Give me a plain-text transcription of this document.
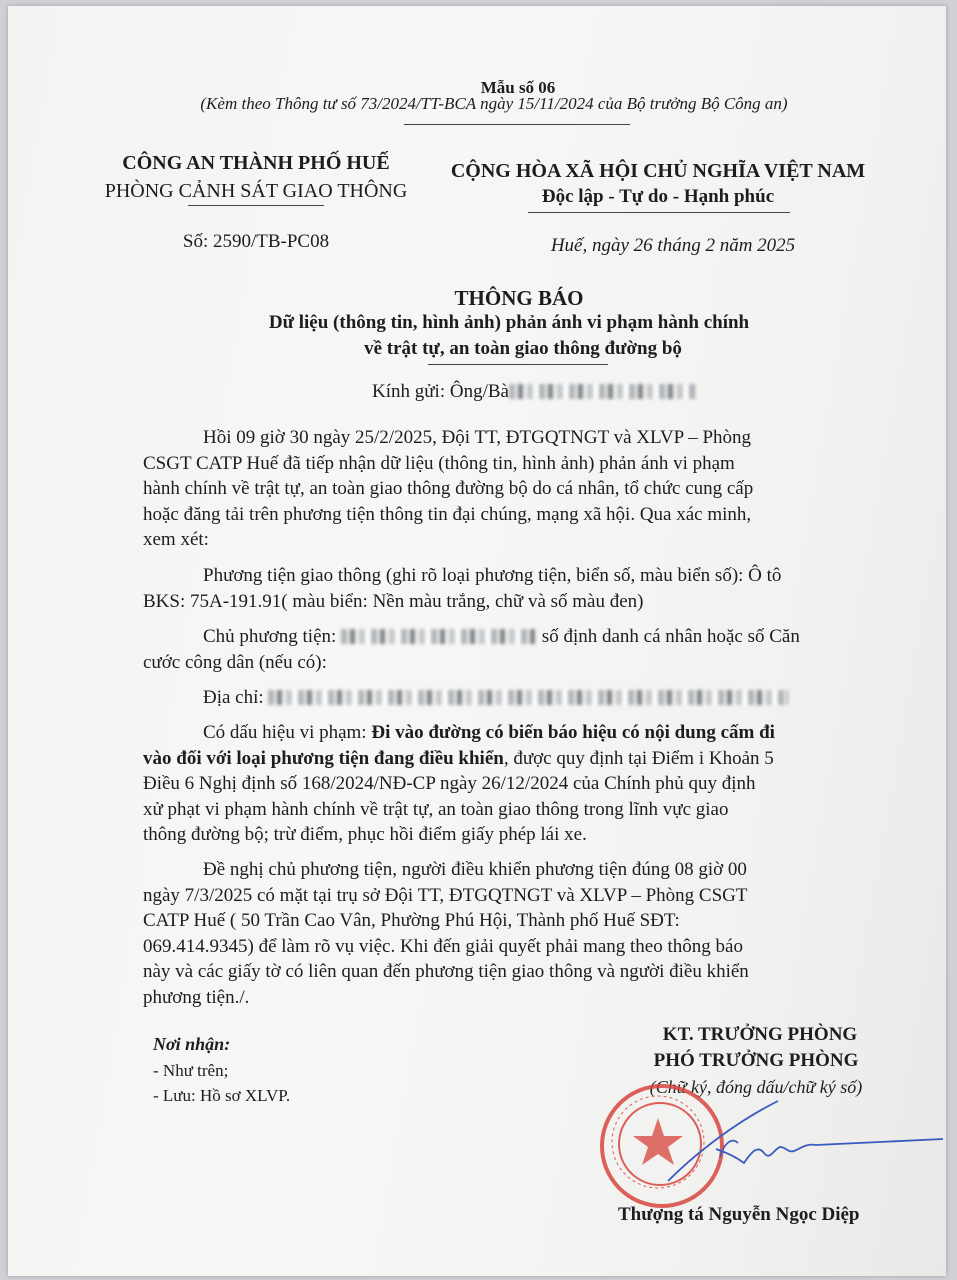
Mẫu số 06
(Kèm theo Thông tư số 73/2024/TT-BCA ngày 15/11/2024 của Bộ trưởng Bộ Công an)
CÔNG AN THÀNH PHỐ HUẾ
PHÒNG CẢNH SÁT GIAO THÔNG
Số: 2590/TB-PC08
CỘNG HÒA XÃ HỘI CHỦ NGHĨA VIỆT NAM
Độc lập - Tự do - Hạnh phúc
Huế, ngày 26 tháng 2 năm 2025
THÔNG BÁO
Dữ liệu (thông tin, hình ảnh) phản ánh vi phạm hành chính
về trật tự, an toàn giao thông đường bộ
Kính gửi: Ông/Bà
Hồi 09 giờ 30 ngày 25/2/2025, Đội TT, ĐTGQTNGT và XLVP – Phòng
CSGT CATP Huế đã tiếp nhận dữ liệu (thông tin, hình ảnh) phản ánh vi phạm
hành chính về trật tự, an toàn giao thông đường bộ do cá nhân, tổ chức cung cấp
hoặc đăng tải trên phương tiện thông tin đại chúng, mạng xã hội. Qua xác minh,
xem xét:
Phương tiện giao thông (ghi rõ loại phương tiện, biển số, màu biển số): Ô tô
BKS: 75A-191.91( màu biển: Nền màu trắng, chữ và số màu đen)
Chủ phương tiện:	số định danh cá nhân hoặc số Căn
cước công dân (nếu có):
Địa chỉ:
Có dấu hiệu vi phạm: Đi vào đường có biển báo hiệu có nội dung cấm đi
vào đối với loại phương tiện đang điều khiển, được quy định tại Điểm i Khoản 5
Điều 6 Nghị định số 168/2024/NĐ-CP ngày 26/12/2024 của Chính phủ quy định
xử phạt vi phạm hành chính về trật tự, an toàn giao thông trong lĩnh vực giao
thông đường bộ; trừ điểm, phục hồi điểm giấy phép lái xe.
Đề nghị chủ phương tiện, người điều khiển phương tiện đúng 08 giờ 00
ngày 7/3/2025 có mặt tại trụ sở Đội TT, ĐTGQTNGT và XLVP – Phòng CSGT
CATP Huế ( 50 Trần Cao Vân, Phường Phú Hội, Thành phố Huế SĐT:
069.414.9345) để làm rõ vụ việc. Khi đến giải quyết phải mang theo thông báo
này và các giấy tờ có liên quan đến phương tiện giao thông và người điều khiển
phương tiện./.
Nơi nhận:
- Như trên;
- Lưu: Hồ sơ XLVP.
KT. TRƯỞNG PHÒNG
PHÓ TRƯỞNG PHÒNG
(Chữ ký, đóng dấu/chữ ký số)
Thượng tá Nguyễn Ngọc Diệp
